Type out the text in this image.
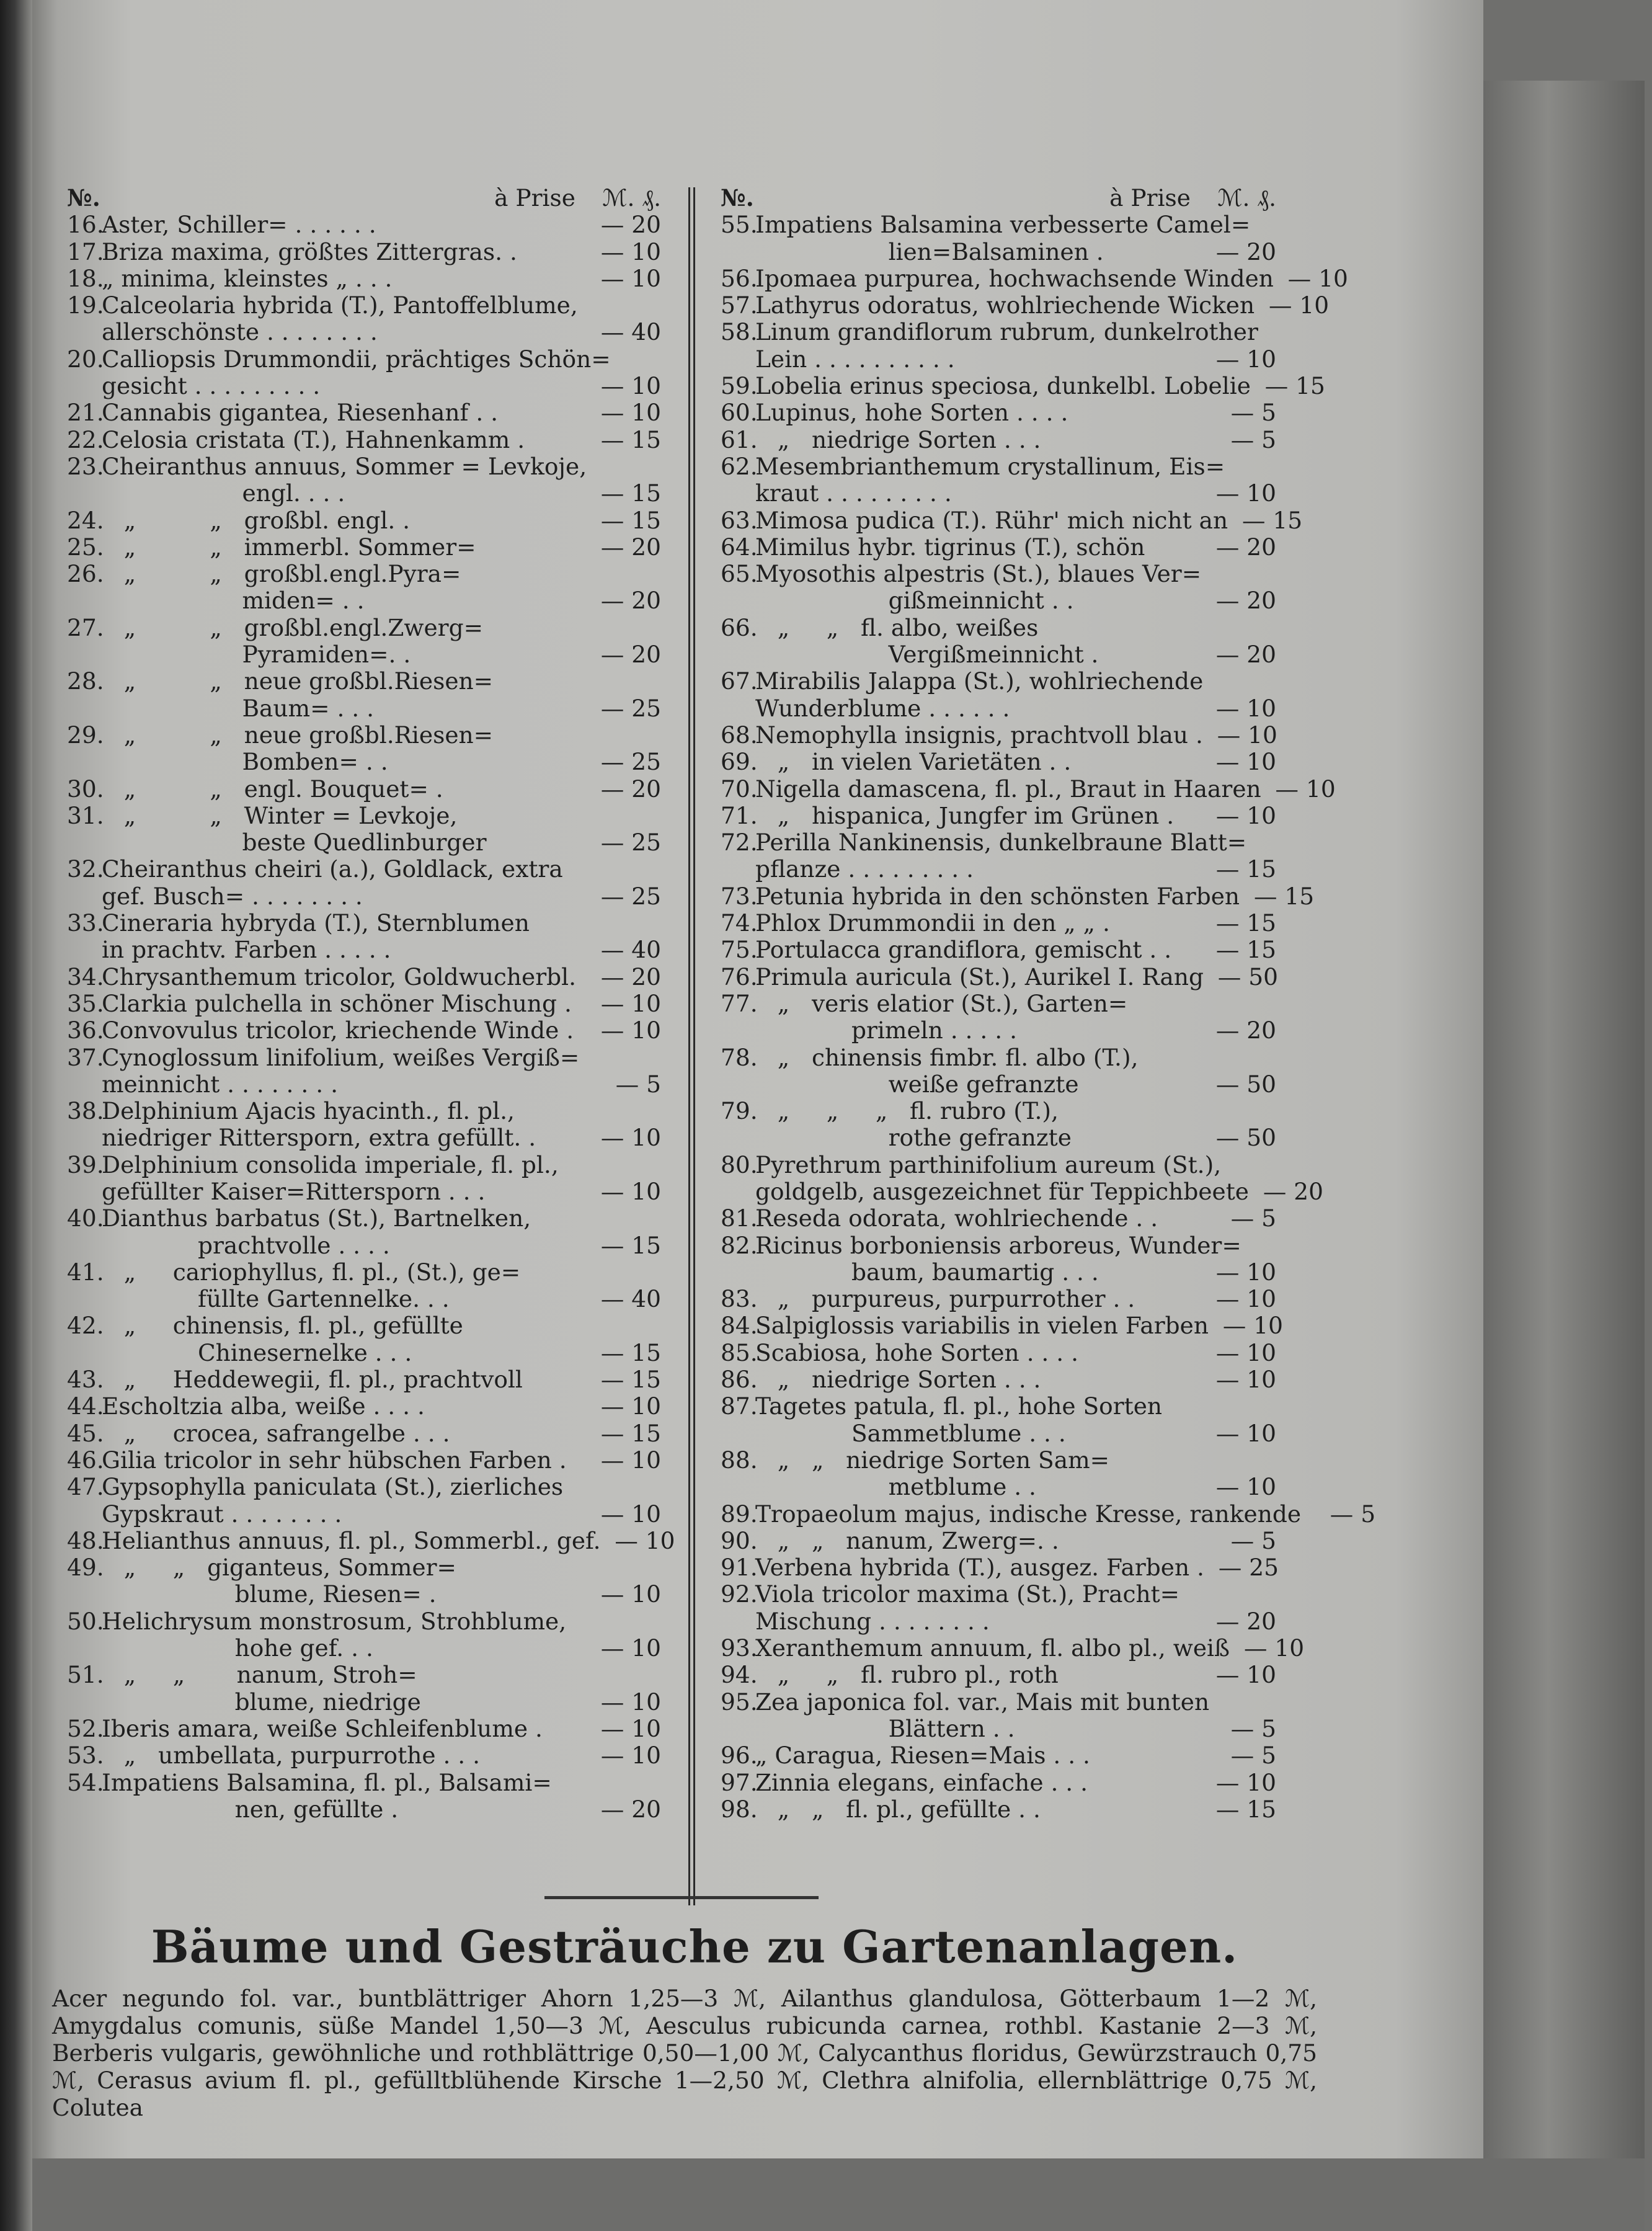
№.	à Prise	ℳ. ₰.
16.
Aster, Schiller= . . . . . .	— 20
17.
Briza maxima, größtes Zittergras. .	— 10
18.
„ minima, kleinstes „ . . .	— 10
19.
Calceolaria hybrida (T.), Pantoffelblume,
allerschönste . . . . . . . .	— 40
20.
Calliopsis Drummondii, prächtiges Schön=
gesicht . . . . . . . . .	— 10
21.
Cannabis gigantea, Riesenhanf . .	— 10
22.
Celosia cristata (T.), Hahnenkamm .	— 15
23.
Cheiranthus annuus, Sommer = Levkoje,
engl. . . .	— 15
24.
„          „   großbl. engl. .	— 15
25.
„          „   immerbl. Sommer=	— 20
26.
„          „   großbl.engl.Pyra=
miden= . .	— 20
27.
„          „   großbl.engl.Zwerg=
Pyramiden=. .	— 20
28.
„          „   neue großbl.Riesen=
Baum= . . .	— 25
29.
„          „   neue großbl.Riesen=
Bomben= . .	— 25
30.
„          „   engl. Bouquet= .	— 20
31.
„          „   Winter = Levkoje,
beste Quedlinburger	— 25
32.
Cheiranthus cheiri (a.), Goldlack, extra
gef. Busch= . . . . . . . .	— 25
33.
Cineraria hybryda (T.), Sternblumen
in prachtv. Farben . . . . .	— 40
34.
Chrysanthemum tricolor, Goldwucherbl.	— 20
35.
Clarkia pulchella in schöner Mischung .	— 10
36.
Convovulus tricolor, kriechende Winde .	— 10
37.
Cynoglossum linifolium, weißes Vergiß=
meinnicht . . . . . . . .	— 5
38.
Delphinium Ajacis hyacinth., fl. pl.,
niedriger Rittersporn, extra gefüllt. .	— 10
39.
Delphinium consolida imperiale, fl. pl.,
gefüllter Kaiser=Rittersporn . . .	— 10
40.
Dianthus barbatus (St.), Bartnelken,
prachtvolle . . . .	— 15
41.
„     cariophyllus, fl. pl., (St.), ge=
füllte Gartennelke. . .	— 40
42.
„     chinensis, fl. pl., gefüllte
Chinesernelke . . .	— 15
43.
„     Heddewegii, fl. pl., prachtvoll	— 15
44.
Escholtzia alba, weiße . . . .	— 10
45.
„     crocea, safrangelbe . . .	— 15
46.
Gilia tricolor in sehr hübschen Farben .	— 10
47.
Gypsophylla paniculata (St.), zierliches
Gypskraut . . . . . . . .	— 10
48.
Helianthus annuus, fl. pl., Sommerbl., gef. — 10
49.
„     „   giganteus, Sommer=
blume, Riesen= .	— 10
50.
Helichrysum monstrosum, Strohblume,
hohe gef. . .	— 10
51.
„     „       nanum, Stroh=
blume, niedrige	— 10
52.
Iberis amara, weiße Schleifenblume .	— 10
53.
„   umbellata, purpurrothe . . .	— 10
54.
Impatiens Balsamina, fl. pl., Balsami=
nen, gefüllte .	— 20
№.	à Prise	ℳ. ₰.
55.
Impatiens Balsamina verbesserte Camel=
lien=Balsaminen .	— 20
56.
Ipomaea purpurea, hochwachsende Winden — 10
57.
Lathyrus odoratus, wohlriechende Wicken — 10
58.
Linum grandiflorum rubrum, dunkelrother
Lein . . . . . . . . . .	— 10
59.
Lobelia erinus speciosa, dunkelbl. Lobelie — 15
60.
Lupinus, hohe Sorten . . . .	— 5
61.
„   niedrige Sorten . . .	— 5
62.
Mesembrianthemum crystallinum, Eis=
kraut . . . . . . . . .	— 10
63.
Mimosa pudica (T.). Rühr' mich nicht an — 15
64.
Mimilus hybr. tigrinus (T.), schön	— 20
65.
Myosothis alpestris (St.), blaues Ver=
gißmeinnicht . .	— 20
66.
„     „   fl. albo, weißes
Vergißmeinnicht .	— 20
67.
Mirabilis Jalappa (St.), wohlriechende
Wunderblume . . . . . .	— 10
68.
Nemophylla insignis, prachtvoll blau . — 10
69.
„   in vielen Varietäten . .	— 10
70.
Nigella damascena, fl. pl., Braut in Haaren — 10
71.
„   hispanica, Jungfer im Grünen .	— 10
72.
Perilla Nankinensis, dunkelbraune Blatt=
pflanze . . . . . . . . .	— 15
73.
Petunia hybrida in den schönsten Farben — 15
74.
Phlox Drummondii in den „ „ .	— 15
75.
Portulacca grandiflora, gemischt . .	— 15
76.
Primula auricula (St.), Aurikel I. Rang — 50
77.
„   veris elatior (St.), Garten=
primeln . . . . .	— 20
78.
„   chinensis fimbr. fl. albo (T.),
weiße gefranzte	— 50
79.
„     „     „   fl. rubro (T.),
rothe gefranzte	— 50
80.
Pyrethrum parthinifolium aureum (St.),
goldgelb, ausgezeichnet für Teppichbeete — 20
81.
Reseda odorata, wohlriechende . .	— 5
82.
Ricinus borboniensis arboreus, Wunder=
baum, baumartig . . .	— 10
83.
„   purpureus, purpurrother . .	— 10
84.
Salpiglossis variabilis in vielen Farben — 10
85.
Scabiosa, hohe Sorten . . . .	— 10
86.
„   niedrige Sorten . . .	— 10
87.
Tagetes patula, fl. pl., hohe Sorten
Sammetblume . . .	— 10
88.
„   „   niedrige Sorten Sam=
metblume . .	— 10
89.
Tropaeolum majus, indische Kresse, rankende	— 5
90.
„   „   nanum, Zwerg=. .	— 5
91.
Verbena hybrida (T.), ausgez. Farben . — 25
92.
Viola tricolor maxima (St.), Pracht=
Mischung . . . . . . . .	— 20
93.
Xeranthemum annuum, fl. albo pl., weiß — 10
94.
„     „   fl. rubro pl., roth	— 10
95.
Zea japonica fol. var., Mais mit bunten
Blättern . .	— 5
96.
„ Caragua, Riesen=Mais . . .	— 5
97.
Zinnia elegans, einfache . . .	— 10
98.
„   „   fl. pl., gefüllte . .	— 15
Bäume und Gesträuche zu Gartenanlagen.
Acer negundo fol. var., buntblättriger Ahorn 1,25—3 ℳ, Ailanthus glandulosa, Götterbaum 1—2 ℳ, Amygdalus comunis, süße Mandel 1,50—3 ℳ, Aesculus rubicunda carnea, rothbl. Kastanie 2—3 ℳ, Berberis vulgaris, gewöhnliche und rothblättrige 0,50—1,00 ℳ, Calycanthus floridus, Gewürzstrauch 0,75 ℳ, Cerasus avium fl. pl., gefülltblühende Kirsche 1—2,50 ℳ, Clethra alnifolia, ellernblättrige 0,75 ℳ, Colutea
